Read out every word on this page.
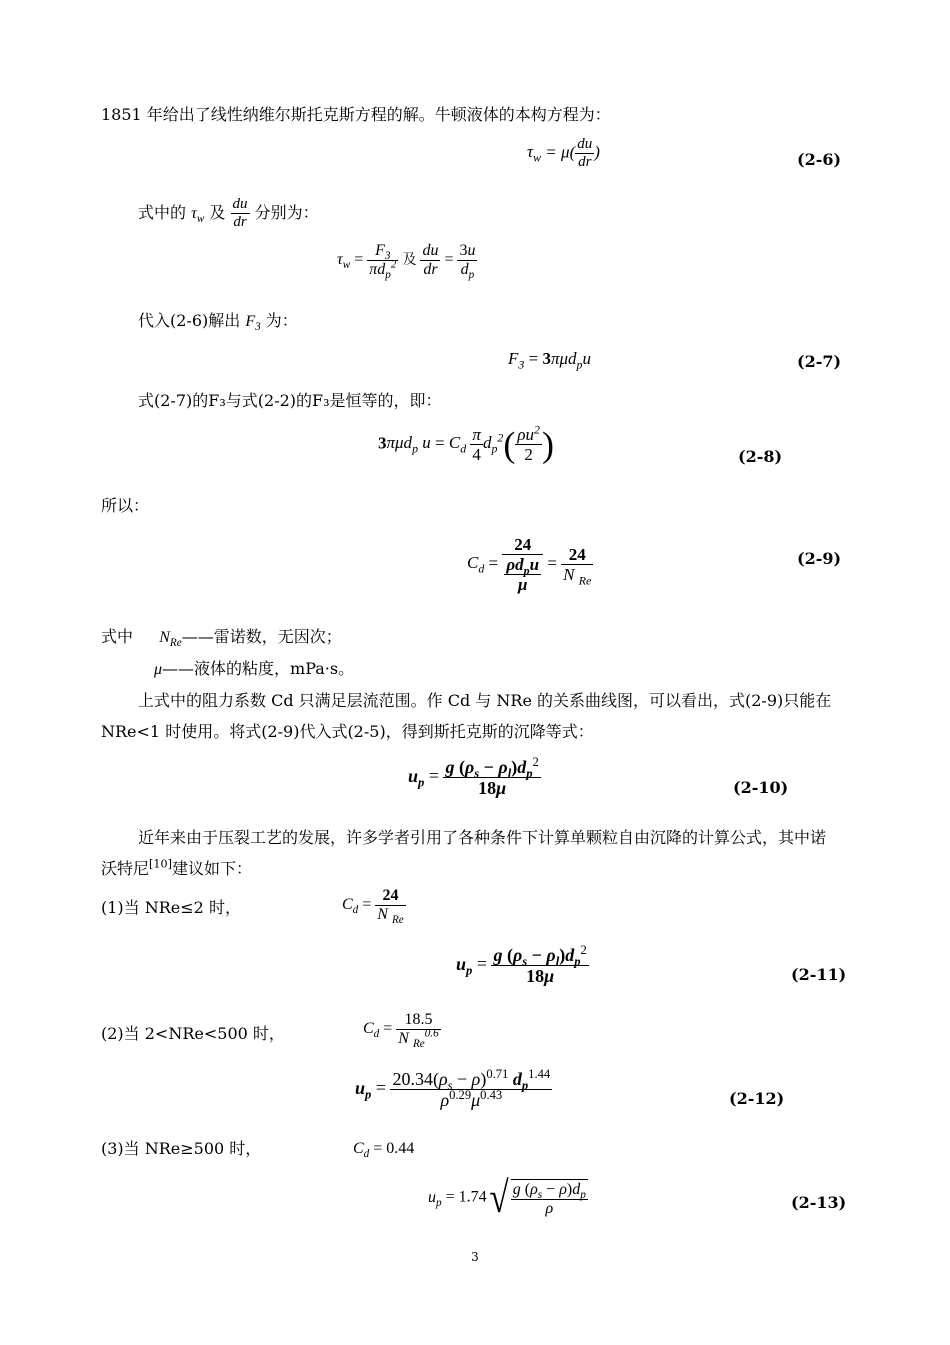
1851 年给出了线性纳维尔斯托克斯方程的解。牛顿液体的本构方程为：
$\tau_w = \mu( \frac{du}{dr}$ )	(2-6)
式中的 $\tau_w$ 及 $\frac{du}{dr}$ 分别为：
$\tau_w = \frac{F_3}{\pi d_p^2}$ 及 $\frac{du}{dr} = \frac{3u}{d_p}$
代入(2-6)解出 $F_3$ 为：
$F_3 = 3\pi\mu d_pu$	(2-7)
式(2-7)的F₃与式(2-2)的F₃是恒等的，即：
3πμd$_p$ $u = C_d \frac{\pi}{4} d_p^2( \frac{\rho u^2}{2}$ )	(2-8)
所以：
$C_d = \frac{24}{\frac{\rho d_pu}{\mu}} = \frac{24}{N _{Re}}$	(2-9)
式中 $N_{Re}——$雷诺数，无因次；
μ——液体的粘度，mPa·s。
上式中的阻力系数 Cd 只满足层流范围。作 Cd 与 NRe 的关系曲线图，可以看出，式(2-9)只能在 NRe<1 时使用。将式(2-9)代入式(2-5)，得到斯托克斯的沉降等式：
$u_p = \frac{g (\rho_s - \rho_l)d_p^2}{18\mu}$	(2-10)
近年来由于压裂工艺的发展，许多学者引用了各种条件下计算单颗粒自由沉降的计算公式，其中诺沃特尼[10]建议如下：
(1)当 NRe≤2 时，	$C_d = \frac{24}{N _{Re}}$
$u_p = \frac{g (\rho_s - \rho_l)d_p^2}{18\mu}$	(2-11)
(2)当 2<NRe<500 时，	$C_d = \frac{18.5}{N _{Re}^{0.6}}$
$u_p = \frac{20.34(\rho_s - \rho)^{0.71} d_p^{1.44}}{\rho^{0.29}\mu^{0.43}}$	(2-12)
(3)当 NRe≥500 时，	$C_d = 0.44$
$u_p = 1.74√ \frac{g (\rho_s - \rho)d_p}{\rho}$	(2-13)
3
